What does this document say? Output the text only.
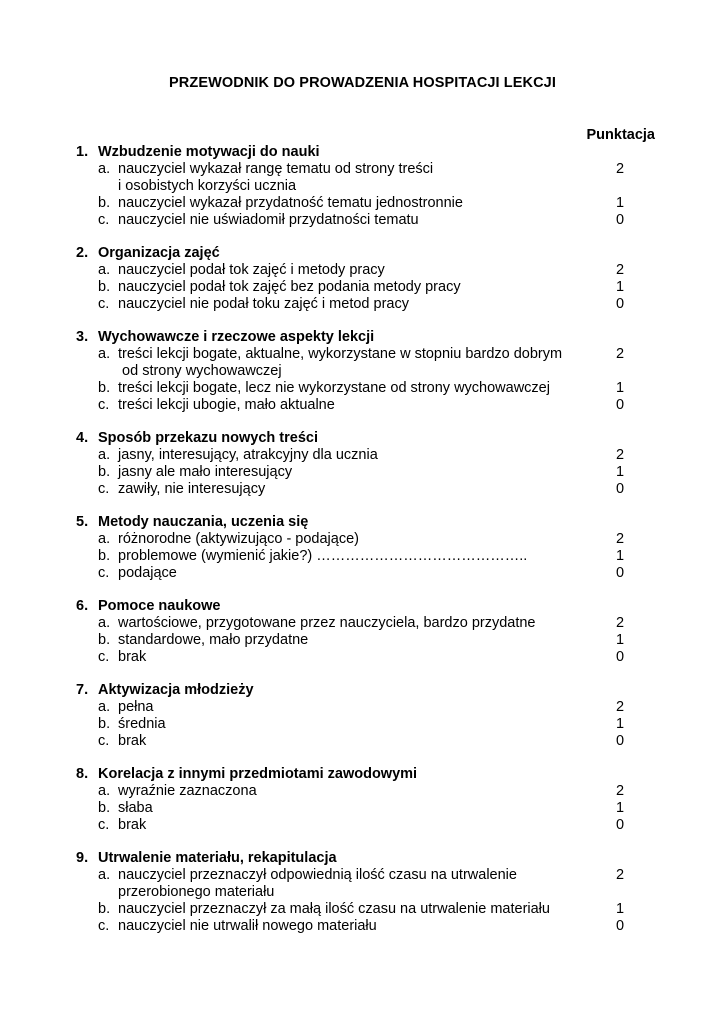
PRZEWODNIK DO PROWADZENIA HOSPITACJI LEKCJI
Punktacja
1. Wzbudzenie motywacji do nauki
a. nauczyciel wykazał rangę tematu od strony treści
i osobistych korzyści ucznia
2
b. nauczyciel wykazał przydatność tematu jednostronnie	1
c. nauczyciel nie uświadomił przydatności tematu	0
2. Organizacja zajęć
a. nauczyciel podał tok zajęć i metody pracy	2
b. nauczyciel podał tok zajęć bez podania metody pracy	1
c. nauczyciel nie podał toku zajęć i metod pracy	0
3. Wychowawcze i rzeczowe aspekty lekcji
a. treści lekcji bogate, aktualne, wykorzystane w stopniu bardzo dobrym
od strony wychowawczej
2
b. treści lekcji bogate, lecz nie wykorzystane od strony wychowawczej	1
c. treści lekcji ubogie, mało aktualne	0
4. Sposób przekazu nowych treści
a. jasny, interesujący, atrakcyjny dla ucznia	2
b. jasny ale mało interesujący	1
c. zawiły, nie interesujący	0
5. Metody nauczania, uczenia się
a. różnorodne (aktywizująco - podające)	2
b. problemowe (wymienić jakie?) ……………………………………..	1
c. podające	0
6. Pomoce naukowe
a. wartościowe, przygotowane przez nauczyciela, bardzo przydatne	2
b. standardowe, mało przydatne	1
c. brak	0
7. Aktywizacja młodzieży
a. pełna	2
b. średnia	1
c. brak	0
8. Korelacja z innymi przedmiotami zawodowymi
a. wyraźnie zaznaczona	2
b. słaba	1
c. brak	0
9. Utrwalenie materiału, rekapitulacja
a. nauczyciel przeznaczył odpowiednią ilość czasu na utrwalenie
przerobionego materiału
2
b. nauczyciel przeznaczył za małą ilość czasu na utrwalenie materiału	1
c. nauczyciel nie utrwalił nowego materiału	0
